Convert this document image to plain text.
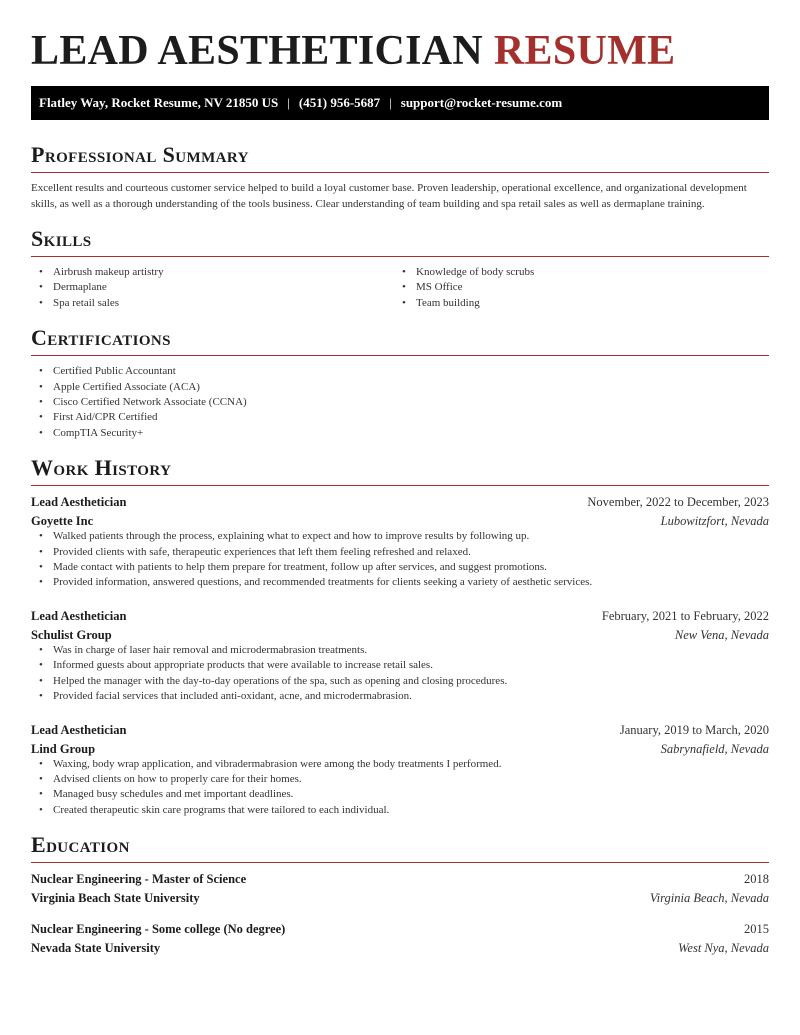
LEAD AESTHETICIAN RESUME
Flatley Way, Rocket Resume, NV 21850 US | (451) 956-5687 | support@rocket-resume.com
Professional Summary

Excellent results and courteous customer service helped to build a loyal customer base. Proven leadership, operational excellence, and organizational development skills, as well as a thorough understanding of the tools business. Clear understanding of team building and spa retail sales as well as dermaplane training.

Skills
• Airbrush makeup artistry
• Dermaplane
• Spa retail sales
• Knowledge of body scrubs
• MS Office
• Team building
Certifications
• Certified Public Accountant
• Apple Certified Associate (ACA)
• Cisco Certified Network Associate (CCNA)
• First Aid/CPR Certified
• CompTIA Security+
Work History
Lead Aesthetician	November, 2022 to December, 2023
Goyette Inc	Lubowitzfort, Nevada
• Walked patients through the process, explaining what to expect and how to improve results by following up.
• Provided clients with safe, therapeutic experiences that left them feeling refreshed and relaxed.
• Made contact with patients to help them prepare for treatment, follow up after services, and suggest promotions.
• Provided information, answered questions, and recommended treatments for clients seeking a variety of aesthetic services.
Lead Aesthetician	February, 2021 to February, 2022
Schulist Group	New Vena, Nevada
• Was in charge of laser hair removal and microdermabrasion treatments.
• Informed guests about appropriate products that were available to increase retail sales.
• Helped the manager with the day-to-day operations of the spa, such as opening and closing procedures.
• Provided facial services that included anti-oxidant, acne, and microdermabrasion.
Lead Aesthetician	January, 2019 to March, 2020
Lind Group	Sabrynafield, Nevada
• Waxing, body wrap application, and vibradermabrasion were among the body treatments I performed.
• Advised clients on how to properly care for their homes.
• Managed busy schedules and met important deadlines.
• Created therapeutic skin care programs that were tailored to each individual.
Education
Nuclear Engineering - Master of Science	2018
Virginia Beach State University	Virginia Beach, Nevada
Nuclear Engineering - Some college (No degree)	2015
Nevada State University	West Nya, Nevada
